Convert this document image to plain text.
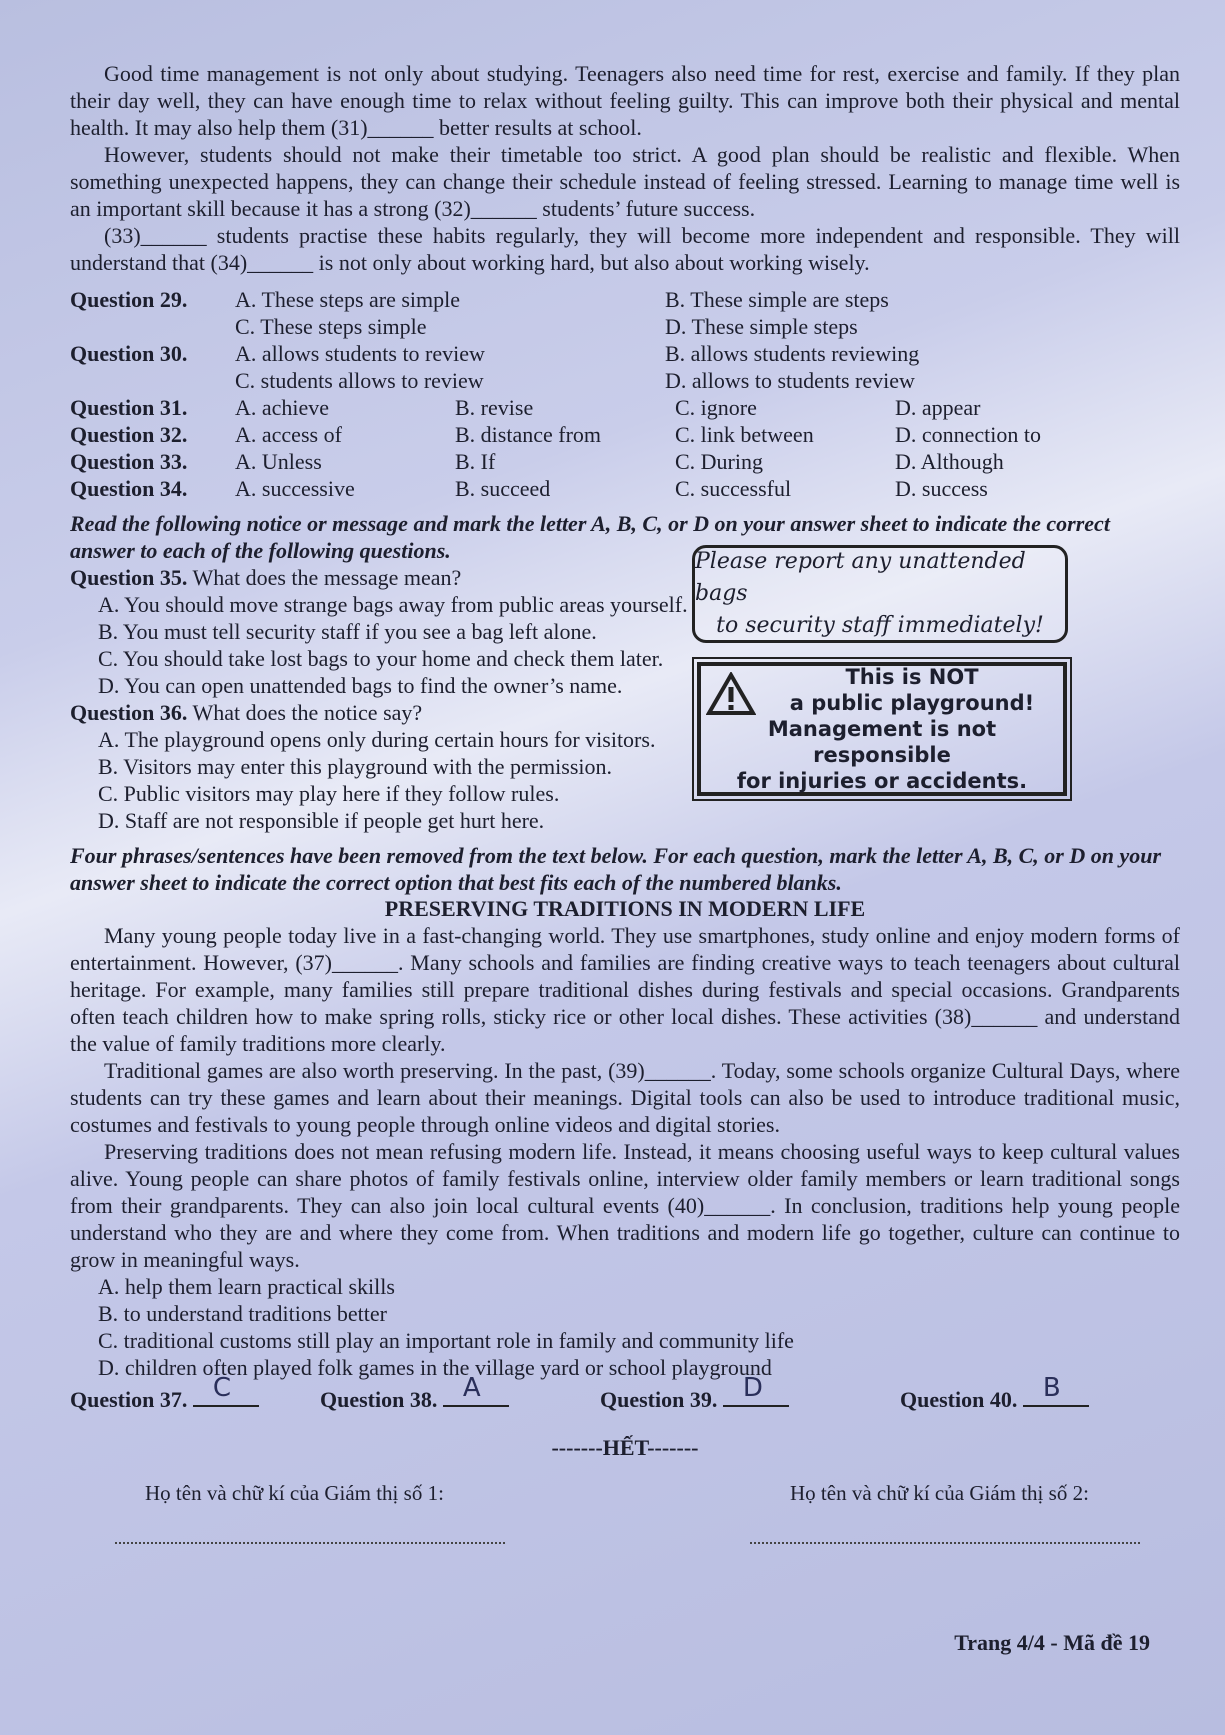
Good time management is not only about studying. Teenagers also need time for rest, exercise and family. If they plan their day well, they can have enough time to relax without feeling guilty. This can improve both their physical and mental health. It may also help them (31)______ better results at school.

However, students should not make their timetable too strict. A good plan should be realistic and flexible. When something unexpected happens, they can change their schedule instead of feeling stressed. Learning to manage time well is an important skill because it has a strong (32)______ students’ future success.

(33)______ students practise these habits regularly, they will become more independent and responsible. They will understand that (34)______ is not only about working hard, but also about working wisely.

Question 29.	A. These steps are simple	B. These simple are steps
C. These steps simple	D. These simple steps
Question 30.	A. allows students to review	B. allows students reviewing
C. students allows to review	D. allows to students review
Question 31.	A. achieve	B. revise	C. ignore	D. appear
Question 32.	A. access of	B. distance from	C. link between	D. connection to
Question 33.	A. Unless	B. If	C. During	D. Although
Question 34.	A. successive	B. succeed	C. successful	D. success

Read the following notice or message and mark the letter A, B, C, or D on your answer sheet to indicate the correct answer to each of the following questions.

Question 35. What does the message mean?

A. You should move strange bags away from public areas yourself.

B. You must tell security staff if you see a bag left alone.

C. You should take lost bags to your home and check them later.

D. You can open unattended bags to find the owner’s name.

Question 36. What does the notice say?

A. The playground opens only during certain hours for visitors.

B. Visitors may enter this playground with the permission.

C. Public visitors may play here if they follow rules.

D. Staff are not responsible if people get hurt here.

Four phrases/sentences have been removed from the text below. For each question, mark the letter A, B, C, or D on your answer sheet to indicate the correct option that best fits each of the numbered blanks.

PRESERVING TRADITIONS IN MODERN LIFE

Many young people today live in a fast-changing world. They use smartphones, study online and enjoy modern forms of entertainment. However, (37)______. Many schools and families are finding creative ways to teach teenagers about cultural heritage. For example, many families still prepare traditional dishes during festivals and special occasions. Grandparents often teach children how to make spring rolls, sticky rice or other local dishes. These activities (38)______ and understand the value of family traditions more clearly.

Traditional games are also worth preserving. In the past, (39)______. Today, some schools organize Cultural Days, where students can try these games and learn about their meanings. Digital tools can also be used to introduce traditional music, costumes and festivals to young people through online videos and digital stories.

Preserving traditions does not mean refusing modern life. Instead, it means choosing useful ways to keep cultural values alive. Young people can share photos of family festivals online, interview older family members or learn traditional songs from their grandparents. They can also join local cultural events (40)______. In conclusion, traditions help young people understand who they are and where they come from. When traditions and modern life go together, culture can continue to grow in meaningful ways.

A. help them learn practical skills

B. to understand traditions better

C. traditional customs still play an important role in family and community life

D. children often played folk games in the village yard or school playground

Question 37. C	Question 38. A	Question 39. D	Question 40. B

-------HẾT-------

Họ tên và chữ kí của Giám thị số 1:	Họ tên và chữ kí của Giám thị số 2:

Please report any unattended bags
to security staff immediately!
This is NOT
a public playground!
Management is not responsible
for injuries or accidents.
Trang 4/4 - Mã đề 19
